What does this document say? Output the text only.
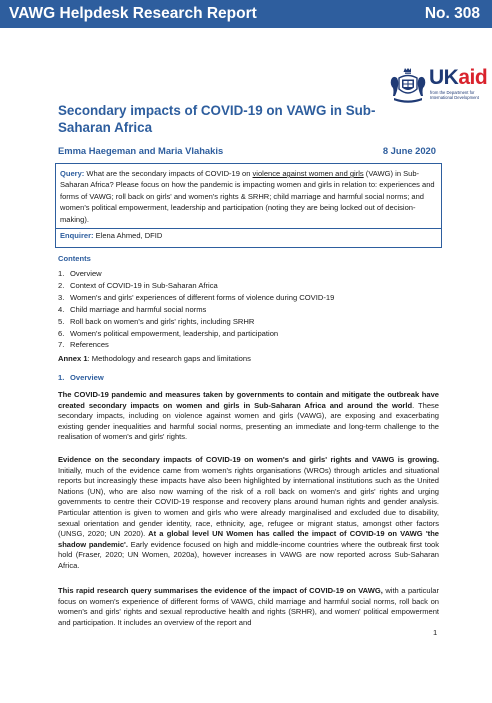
VAWG Helpdesk Research Report	No. 308
UKaid
from the Department for International Development
Secondary impacts of COVID-19 on VAWG in Sub-Saharan Africa
Emma Haegeman and Maria Vlahakis	8 June 2020
Query: What are the secondary impacts of COVID-19 on violence against women and girls (VAWG) in Sub-Saharan Africa? Please focus on how the pandemic is impacting women and girls in relation to: experiences and forms of VAWG; roll back on girls' and women's rights & SRHR; child marriage and harmful social norms; and women's political empowerment, leadership and participation (noting they are being locked out of decision-making).
Enquirer: Elena Ahmed, DFID
Contents
1. Overview
2. Context of COVID-19 in Sub-Saharan Africa
3. Women's and girls' experiences of different forms of violence during COVID-19
4. Child marriage and harmful social norms
5. Roll back on women's and girls' rights, including SRHR
6. Women's political empowerment, leadership, and participation
7. References
Annex 1: Methodology and research gaps and limitations
1. Overview

The COVID-19 pandemic and measures taken by governments to contain and mitigate the outbreak have created secondary impacts on women and girls in Sub-Saharan Africa and around the world. These secondary impacts, including on violence against women and girls (VAWG), are exposing and exacerbating existing gender inequalities and harmful social norms, presenting an immediate and long-term challenge to the realisation of women's and girls' rights.

Evidence on the secondary impacts of COVID-19 on women's and girls' rights and VAWG is growing. Initially, much of the evidence came from women's rights organisations (WROs) through articles and situational reports but increasingly these impacts have also been highlighted by international institutions such as the United Nations (UN), who are also now warning of the risk of a roll back on women's and girls' rights and urging governments to centre their COVID-19 response and recovery plans around human rights and gender analysis. Particular attention is given to women and girls who were already marginalised and excluded due to disability, sexual orientation and gender identity, race, ethnicity, age, refugee or migrant status, amongst other factors (UNSG, 2020; UN 2020). At a global level UN Women has called the impact of COVID-19 on VAWG 'the shadow pandemic'. Early evidence focused on high and middle-income countries where the outbreak first took hold (Fraser, 2020; UN Women, 2020a), however increases in VAWG are now reported across Sub-Saharan Africa.

This rapid research query summarises the evidence of the impact of COVID-19 on VAWG, with a particular focus on women's experience of different forms of VAWG, child marriage and harmful social norms, roll back on women's and girls' rights and sexual reproductive health and rights (SRHR), and women' political empowerment and participation. It includes an overview of the report and

1
